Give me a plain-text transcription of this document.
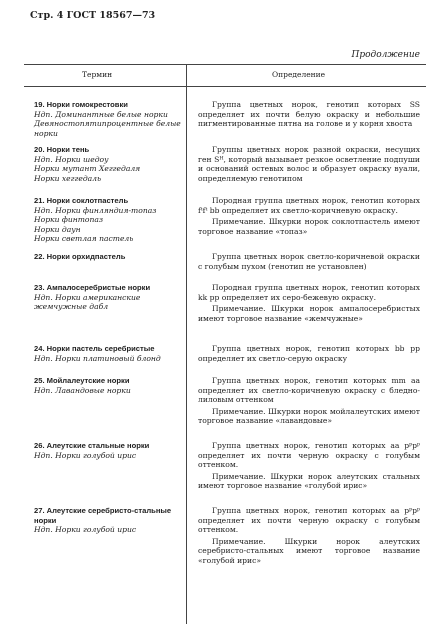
Стр. 4 ГОСТ 18567—73
Продолжение
Термин	Определение
19. Норки гомокрестовки
Ндп. Доминантные белые норки
Девяностопятипроцентные белые норки

Группа цветных норок, генотип которых SS определяет их почти белую окраску и небольшие пигментированные пятна на голове и у корня хвоста

20. Норки тень
Ндп. Норки шедоу
Норки мутант Хеггедаля
Норки хеггедаль

Группы цветных норок разной окраски, несущих ген Sᴴ, который вызывает резкое осветление подпуши и оснований остевых волос и образует окраску вуали, определяемую генотипом

21. Норки соклотпастель
Ндп. Норки финляндия-топаз
Норки финтопаз
Норки даун
Норки светлая пастель

Породная группа цветных норок, генотип которых fᵗfᵗ bb определяет их светло-коричневую окраску.

Примечание. Шкурки норок соклотпастель имеют торговое название «топаз»

22. Норки орхидпастель	Группа цветных норок светло-коричневой окраски с голубым пухом (генотип не установлен)

23. Ампалосеребристые норки
Ндп. Норки американские жемчужные дабл

Породная группа цветных норок, генотип которых kk pp определяет их серо-бежевую окраску.

Примечание. Шкурки норок ампалосеребристых имеют торговое название «жемчужные»

24. Норки пастель серебристые
Ндп. Норки платиновый блонд

Группа цветных норок, генотип которых bb pp определяет их светло-серую окраску

25. Мойлалеутские норки
Ндп. Лавандовые норки

Группа цветных норок, генотип которых mm aa определяет их светло-коричневую окраску с бледно-лиловым оттенком

Примечание. Шкурки норок мойлалеутских имеют торговое название «лавандовые»

26. Алеутские стальные норки
Ндп. Норки голубой ирис

Группа цветных норок, генотип которых aa pᵖpᵖ определяет их почти черную окраску с голубым оттенком.

Примечание. Шкурки норок алеутских стальных имеют торговое название «голубой ирис»

27. Алеутские серебристо-стальные норки
Ндп. Норки голубой ирис

Группа цветных норок, генотип которых aa pᵖpᵖ определяет их почти черную окраску с голубым оттенком.

Примечание. Шкурки норок алеутских серебристо-стальных имеют торговое название «голубой ирис»
